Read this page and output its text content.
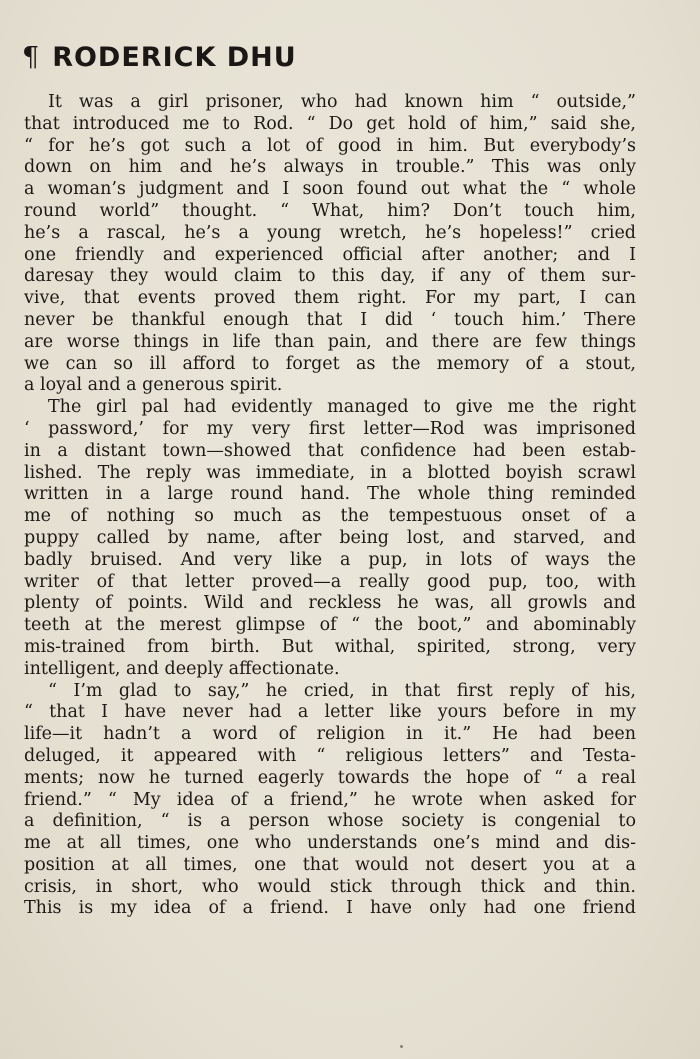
¶ RODERICK DHU
It was a girl prisoner, who had known him “ outside,”
that introduced me to Rod. “ Do get hold of him,” said she,
“ for he’s got such a lot of good in him. But everybody’s
down on him and he’s always in trouble.” This was only
a woman’s judgment and I soon found out what the “ whole
round world” thought. “ What, him? Don’t touch him,
he’s a rascal, he’s a young wretch, he’s hopeless!” cried
one friendly and experienced official after another; and I
daresay they would claim to this day, if any of them sur-
vive, that events proved them right. For my part, I can
never be thankful enough that I did ‘ touch him.’ There
are worse things in life than pain, and there are few things
we can so ill afford to forget as the memory of a stout,
a loyal and a generous spirit.
The girl pal had evidently managed to give me the right
‘ password,’ for my very first letter—Rod was imprisoned
in a distant town—showed that confidence had been estab-
lished. The reply was immediate, in a blotted boyish scrawl
written in a large round hand. The whole thing reminded
me of nothing so much as the tempestuous onset of a
puppy called by name, after being lost, and starved, and
badly bruised. And very like a pup, in lots of ways the
writer of that letter proved—a really good pup, too, with
plenty of points. Wild and reckless he was, all growls and
teeth at the merest glimpse of “ the boot,” and abominably
mis-trained from birth. But withal, spirited, strong, very
intelligent, and deeply affectionate.
“ I’m glad to say,” he cried, in that first reply of his,
“ that I have never had a letter like yours before in my
life—it hadn’t a word of religion in it.” He had been
deluged, it appeared with “ religious letters” and Testa-
ments; now he turned eagerly towards the hope of “ a real
friend.” “ My idea of a friend,” he wrote when asked for
a definition, “ is a person whose society is congenial to
me at all times, one who understands one’s mind and dis-
position at all times, one that would not desert you at a
crisis, in short, who would stick through thick and thin.
This is my idea of a friend. I have only had one friend
